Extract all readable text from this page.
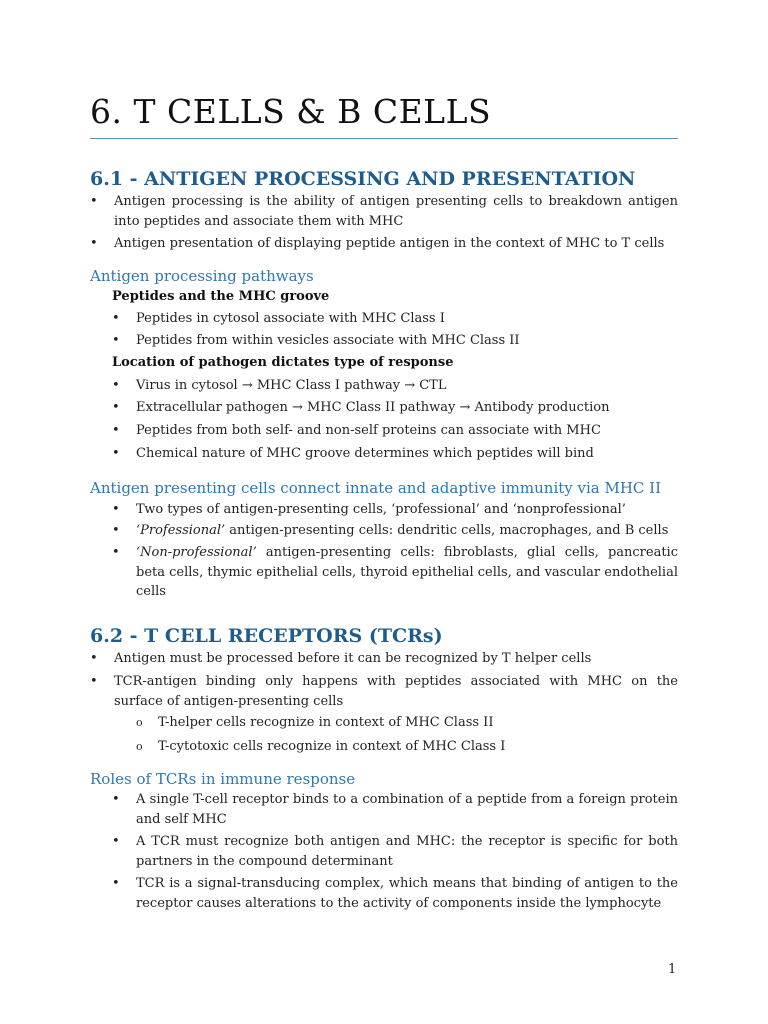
6. T CELLS & B CELLS
6.1 - ANTIGEN PROCESSING AND PRESENTATION
• Antigen processing is the ability of antigen presenting cells to breakdown antigen into peptides and associate them with MHC
• Antigen presentation of displaying peptide antigen in the context of MHC to T cells
Antigen processing pathways
Peptides and the MHC groove
• Peptides in cytosol associate with MHC Class I
• Peptides from within vesicles associate with MHC Class II
Location of pathogen dictates type of response
• Virus in cytosol → MHC Class I pathway → CTL
• Extracellular pathogen → MHC Class II pathway → Antibody production
• Peptides from both self- and non-self proteins can associate with MHC
• Chemical nature of MHC groove determines which peptides will bind
Antigen presenting cells connect innate and adaptive immunity via MHC II
• Two types of antigen-presenting cells, ‘professional’ and ‘nonprofessional’
• ‘Professional’ antigen-presenting cells: dendritic cells, macrophages, and B cells
• ‘Non-professional’ antigen-presenting cells: fibroblasts, glial cells, pancreatic beta cells, thymic epithelial cells, thyroid epithelial cells, and vascular endothelial cells
6.2 - T CELL RECEPTORS (TCRs)
• Antigen must be processed before it can be recognized by T helper cells
• TCR-antigen binding only happens with peptides associated with MHC on the surface of antigen-presenting cells
o T-helper cells recognize in context of MHC Class II
o T-cytotoxic cells recognize in context of MHC Class I
Roles of TCRs in immune response
• A single T-cell receptor binds to a combination of a peptide from a foreign protein and self MHC
• A TCR must recognize both antigen and MHC: the receptor is specific for both partners in the compound determinant
• TCR is a signal-transducing complex, which means that binding of antigen to the receptor causes alterations to the activity of components inside the lymphocyte
1
